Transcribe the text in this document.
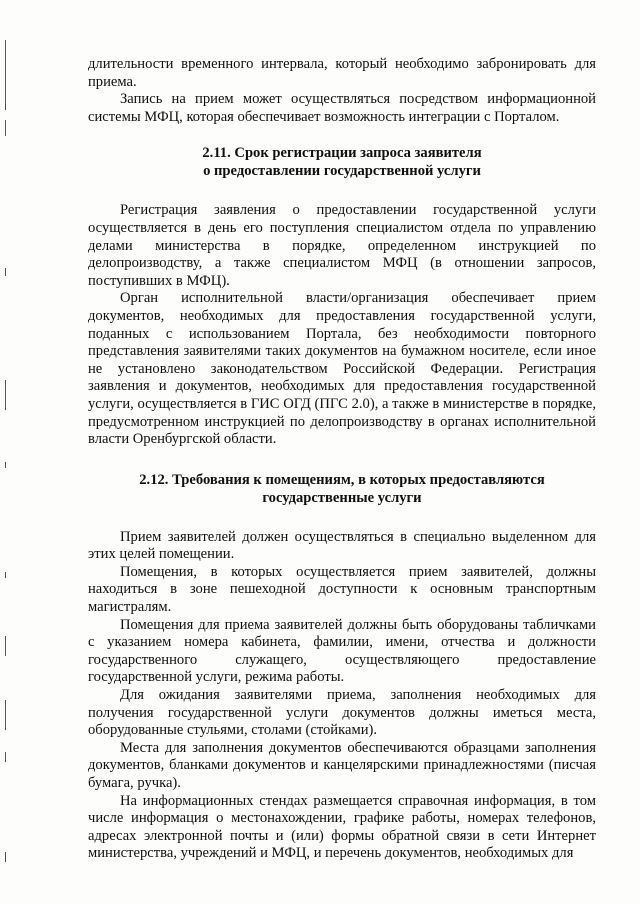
длительности временного интервала, который необходимо забронировать для приема.

Запись на прием может осуществляться посредством информационной системы МФЦ, которая обеспечивает возможность интеграции с Порталом.

2.11. Срок регистрации запроса заявителя
о предоставлении государственной услуги

Регистрация заявления о предоставлении государственной услуги осуществляется в день его поступления специалистом отдела по управлению делами министерства в порядке, определенном инструкцией по делопроизводству, а также специалистом МФЦ (в отношении запросов, поступивших в МФЦ).

Орган исполнительной власти/организация обеспечивает прием документов, необходимых для предоставления государственной услуги, поданных с использованием Портала, без необходимости повторного представления заявителями таких документов на бумажном носителе, если иное не установлено законодательством Российской Федерации. Регистрация заявления и документов, необходимых для предоставления государственной услуги, осуществляется в ГИС ОГД (ПГС 2.0), а также в министерстве в порядке, предусмотренном инструкцией по делопроизводству в органах исполнительной власти Оренбургской области.

2.12. Требования к помещениям, в которых предоставляются
государственные услуги

Прием заявителей должен осуществляться в специально выделенном для этих целей помещении.

Помещения, в которых осуществляется прием заявителей, должны находиться в зоне пешеходной доступности к основным транспортным магистралям.

Помещения для приема заявителей должны быть оборудованы табличками с указанием номера кабинета, фамилии, имени, отчества и должности государственного служащего, осуществляющего предоставление государственной услуги, режима работы.

Для ожидания заявителями приема, заполнения необходимых для получения государственной услуги документов должны иметься места, оборудованные стульями, столами (стойками).

Места для заполнения документов обеспечиваются образцами заполнения документов, бланками документов и канцелярскими принадлежностями (писчая бумага, ручка).

На информационных стендах размещается справочная информация, в том числе информация о местонахождении, графике работы, номерах телефонов, адресах электронной почты и (или) формы обратной связи в сети Интернет министерства, учреждений и МФЦ, и перечень документов, необходимых для
